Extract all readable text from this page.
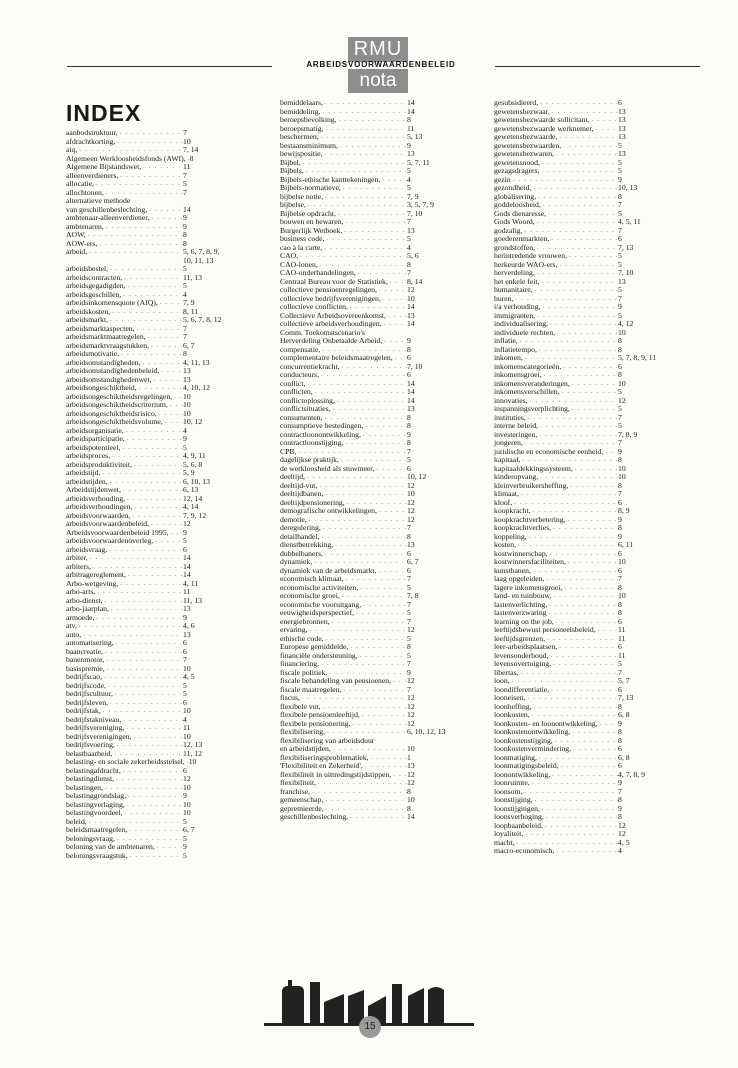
RMU
ARBEIDSVOORWAARDENBELEID
nota
INDEX
aanbodstruktuur, . . .	7
afdrachtkorting, . . .	10
aiq, . . .	7, 14
Algemeen Werkloosheidsfonds (AWf), . . . 8
Algemene Bijstandswet, . . .	11
alleenverdieners, . . .	7
allocatie, . . .	5
allochtonen, . . .	7
alternatieve methode
van geschillenbeslechting, . . .	14
ambtenaar-alleenverdiener, . . .	9
ambtenaren, . . .	9
AOW, . . .	8
AOW-ers, . . .	8
arbeid, . . .	5, 6, 7, 8, 9,
10, 11, 13
arbeidsbestel, . . .	5
arbeidscontracten, . . .	11, 13
arbeidsgegadigden, . . .	5
arbeidsgeschillen, . . .	4
arbeidsinkomensquote (AIQ), . . .	7, 9
arbeidskosten, . . .	8, 11
arbeidsmarkt, . . .	5, 6, 7, 8, 12
arbeidsmarktaspecten, . . .	7
arbeidsmarktmaatregelen, . . .	7
arbeidsmarktvraagstukken, . . .	6, 7
arbeidsmotivatie, . . .	8
arbeidsomstandigheden, . . .	4, 11, 13
arbeidsomstandighedenbeleid, . . .	13
arbeidsomstandighedenwet, . . .	13
arbeidsongeschiktheid, . . .	4, 10, 12
arbeidsongeschiktheidsregelingen, . . . 10
arbeidsongeschiktheidscriterium, . . . 10
arbeidsongeschiktheidsrisico, . . .	10
arbeidsongeschiktheidsvolume, . . .	10, 12
arbeidsorganisatie, . . .	4
arbeidsparticipatie, . . .	9
arbeidspotentieel, . . .	5
arbeidsproces, . . .	4, 9, 11
arbeidsproduktiviteit, . . .	5, 6, 8
arbeidstijd, . . .	5, 9
arbeidstijden, . . .	6, 10, 13
Arbeidstijdenwet, . . .	6, 13
arbeidsverhouding, . . .	12, 14
arbeidsverhoudingen, . . .	4, 14
arbeidsvoorwaarden, . . .	7, 9, 12
arbeidsvoorwaardenbeleid, . . .	12
Arbeidsvoorwaardenbeleid 1995, . . . 9
arbeidsvoorwaardenoverleg, . . .	5
arbeidsvraag, . . .	6
arbiter, . . .	14
arbiters, . . .	14
arbitragereglement, . . .	14
Arbo-wetgeving, . . .	4, 11
arbo-arts, . . .	11
arbo-dienst, . . .	11, 13
arbo-jaarplan, . . .	13
armoede, . . .	9
atv, . . .	4, 6
auto, . . .	13
automatisering, . . .	6
baancreatie, . . .	6
banenmotor, . . .	7
basispremie, . . .	10
bedrijfscao, . . .	4, 5
bedrijfscode, . . .	5
bedrijfscultuur, . . .	5
bedrijfsleven, . . .	6
bedrijfstak, . . .	10
bedrijfstakniveau, . . .	4
bedrijfsvereniging, . . .	11
bedrijfsverenigingen, . . .	10
bedrijfsvoering, . . .	12, 13
belastbaarheid, . . .	11, 12
belasting- en sociale zekerheidsstelsel, . . . 10
belastingafdracht, . . .	6
belastingdienst, . . .	12
belastingen, . . .	10
belastinggrondslag, . . .	9
belastingverlaging, . . .	10
belastingvoordeel, . . .	10
beleid, . . .	5
beleidsmaatregelen, . . .	6, 7
beloningsvraag, . . .	5
beloning van de ambtenaren, . . .	9
beloningsvraagstuk, . . .	5
bemiddelaars, . . .	14
bemiddeling, . . .	14
beroepsbevolking, . . .	8
beroepsmatig, . . .	11
beschermen, . . .	5, 13
bestaansminimum, . . .	9
bewijspositie, . . .	13
Bijbel, . . .	5, 7, 11
Bijbels, . . .	5
Bijbels-ethische kanttekeningen, . . .	4
Bijbels-normatieve, . . .	5
bijbelse notie, . . .	7, 9
bijbelse, . . .	3, 5, 7, 9
Bijbelse opdracht, . . .	7, 10
bouwen en bewaren, . . .	7
Burgerlijk Wetboek, . . .	13
business code, . . .	5
cao à la carte, . . .	4
CAO, . . .	5, 6
CAO-lonen, . . .	8
CAO-onderhandelingen, . . .	7
Centraal Bureau voor de Statistiek, . . . 8, 14
collectieve pensioenregelingen, . . .	12
collectieve bedrijfsverenigingen, . . .	10
collectieve conflicten, . . .	14
Collectieve Arbeidsovereenkomst, . . .	13
collectieve arbeidsverhoudingen, . . .	14
Comm. Toekomstscenario's
Herverdeling Onbetaalde Arbeid, . . .	9
compensatie, . . .	8
complementaire beleidsmaatregelen, . . . 6
concurrentiekracht, . . .	7, 10
conducteurs, . . .	6
conflict, . . .	14
conflicten, . . .	14
conflictoplossing, . . .	14
conflictsituaties, . . .	13
consumenten, . . .	8
consumptieve bestedingen, . . .	8
contractloonontwikkeling, . . .	9
contractloonstijging, . . .	8
CPB, . . .	7
dagelijkse praktijk, . . .	5
de werkloosheid als stuwmeer, . . .	6
deeltijd, . . .	10, 12
deeltijd-vut, . . .	12
deeltijdbanen, . . .	10
deeltijdpensionering, . . .	12
demografische ontwikkelingen, . . .	12
demotie, . . .	12
deregulering, . . .	7
detailhandel, . . .	8
dienstbetrekking, . . .	13
dubbelbaners, . . .	6
dynamiek, . . .	6, 7
dynamiek van de arbeidsmarkt, . . .	6
economisch klimaat, . . .	7
economische activiteiten, . . .	5
economische groei, . . .	7, 8
economische vooruitgang, . . .	7
eeuwigheidsperspectief, . . .	5
energiebronnen, . . .	7
ervaring, . . .	12
ethische code, . . .	5
Europese gemiddelde, . . .	8
financiële ondersteuning, . . .	5
financiering, . . .	7
fiscale politiek, . . .	9
fiscale behandeling van pensioenen, . . . 12
fiscale maatregelen, . . .	7
fiscus, . . .	12
flexibele vut, . . .	12
flexibele pensioenleeftijd, . . .	12
flexibele pensionering, . . .	12
flexibilisering, . . .	6, 10, 12, 13
flexibilisering van arbeidsduur
en arbeidstijden, . . .	10
flexibiliseringsproblematiek, . . .	1
'Flexibiliteit en Zekerheid', . . .	13
flexibiliteit in uittredingstijdstippen, . . . 12
flexibiliteit, . . .	12
franchise, . . .	8
gemeenschap, . . .	10
gepremieerde, . . .	8
geschillenbeslechting, . . .	14
gesubsidieerd, . . .	6
gewetensbezwaar, . . .	13
gewetensbezwaarde sollicitant, . . .	13
gewetensbezwaarde werknemer, . . .	13
gewetensbezwaarde, . . .	13
gewetensbezwaarden, . . .	5
gewetensbezwaren, . . .	13
gewetensnood, . . .	5
gezagsdragers, . . .	5
gezin . . .	9
gezondheid, . . .	10, 13
globalisering, . . .	8
goddeloosheid, . . .	7
Gods dienaresse, . . .	5
Gods Woord, . . .	4, 5, 11
godzalig, . . .	7
goederenmarkten, . . .	6
grondstoffen, . . .	7, 13
herintredende vrouwen, . . .	5
herkeurde WAO-ers, . . .	5
herverdeling, . . .	7, 10
het enkele feit, . . .	13
humanitaire, . . .	5
huren, . . .	7
i/a verhouding, . . .	9
immigranten, . . .	5
individualisering, . . .	4, 12
individuele rechten, . . .	10
inflatie, . . .	8
inflatietempo, . . .	8
inkomen, . . .	5, 7, 8, 9, 11
inkomenscategorieën, . . .	6
inkomensgroei, . . .	8
inkomensveranderingen, . . .	10
inkomensverschillen, . . .	5
innovaties, . . .	12
inspanningsverplichting, . . .	5
instituties, . . .	7
interne beleid, . . .	5
investeringen, . . .	7, 8, 9
jongeren, . . .	7
juridische en economische eenheid, . . . 9
kapitaal, . . .	8
kapitaaldekkingssysteem, . . .	10
kinderopvang, . . .	10
kleinverbruikersheffing, . . .	8
klimaat, . . .	7
kloof, . . .	6
koopkracht, . . .	8, 9
koopkrachtverbetering, . . .	9
koopkrachtverlies, . . .	8
koppeling, . . .	9
kosten, . . .	6, 11
kostwinnerschap, . . .	6
kostwinnersfaciliteiten, . . .	10
kunstbanen, . . .	6
laag opgeleiden, . . .	7
lagere inkomensgroei, . . .	8
land- en tuinbouw, . . .	10
lastenverlichting, . . .	8
lastenverzwaring . . .	8
learning on the job, . . .	6
leeftijdsbewust personeelsbeleid, . . .	11
leeftijdsgrenzen, . . .	11
leer-arbeidsplaatsen, . . .	6
levensonderhoud, . . .	11
levensovertuiging, . . .	5
libertas, . . .	7
loon, . . .	5, 7
loondifferentiatie, . . .	6
looneisen, . . .	7, 13
loonheffing, . . .	8
loonkosten, . . .	6, 8
loonkosten- en loonontwikkeling, . . .	9
loonkostenontwikkeling, . . .	8
loonkostenstijging, . . .	8
loonkostenvermindering, . . .	6
loonmatiging, . . .	6, 8
loonmatigingsbeleid, . . .	6
loonontwikkeling, . . .	4, 7, 8, 9
loonruimte, . . .	9
loonsom, . . .	7
loonstijging, . . .	8
loonstijgingen, . . .	9
loonsverhoging, . . .	8
loopbaanbeleid, . . .	12
loyaliteit, . . .	12
macht, . . .	4, 5
macro-economisch, . . .	4
15
